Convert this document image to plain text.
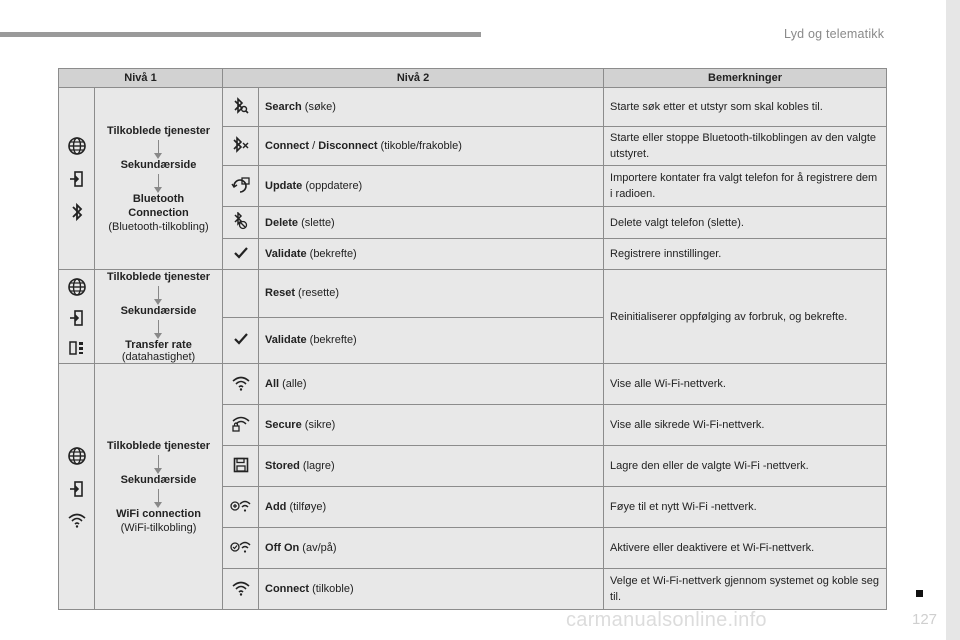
Lyd og telematikk
Nivå 1		Nivå 2		Bemerkninger

Tilkoblede tjenester
Sekundærside
Bluetooth Connection
(Bluetooth-tilkobling)		Search (søke)	Starte søk etter et utstyr som skal kobles til.

	Connect / Disconnect (tikoble/frakoble)	Starte eller stoppe Bluetooth-tilkoblingen av den valgte utstyret.

	Update (oppdatere)	Importere kontater fra valgt telefon for å registrere dem i radioen.

	Delete (slette)	Delete valgt telefon (slette).

	Validate (bekrefte)	Registrere innstillinger.

Tilkoblede tjenester
Sekundærside
Transfer rate
(datahastighet)		Reset (resette)	Reinitialiserer oppfølging av forbruk, og bekrefte.

	Validate (bekrefte)	

Tilkoblede tjenester
Sekundærside
WiFi connection
(WiFi-tilkobling)		All (alle)	Vise alle Wi-Fi-nettverk.

	Secure (sikre)	Vise alle sikrede Wi-Fi-nettverk.

	Stored (lagre)	Lagre den eller de valgte Wi-Fi -nettverk.

	Add (tilføye)	Føye til et nytt Wi-Fi -nettverk.

	Off On (av/på)	Aktivere eller deaktivere et Wi-Fi-nettverk.

	Connect (tilkoble)	Velge et Wi-Fi-nettverk gjennom systemet og koble seg til.
carmanualsonline.info	127
